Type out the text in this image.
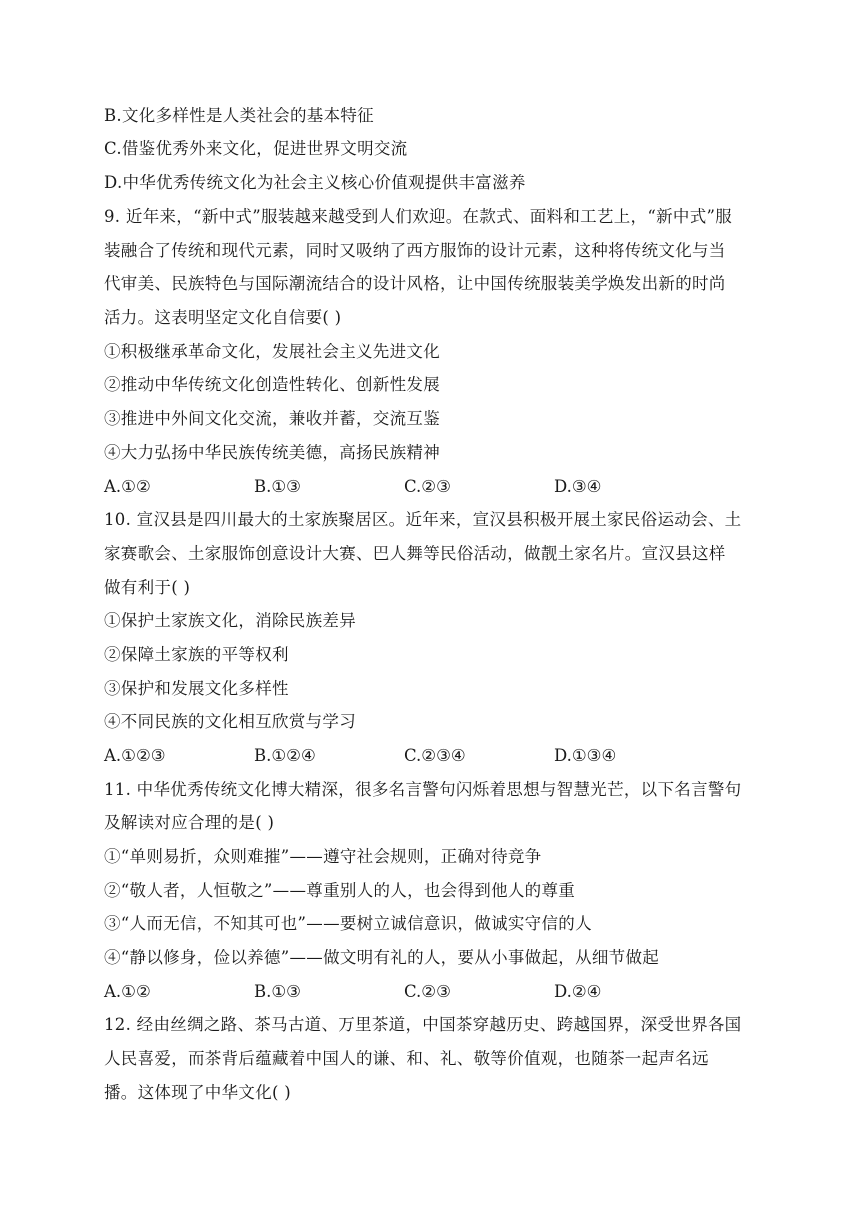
B.文化多样性是人类社会的基本特征
C.借鉴优秀外来文化，促进世界文明交流
D.中华优秀传统文化为社会主义核心价值观提供丰富滋养
9. 近年来，“新中式”服装越来越受到人们欢迎。在款式、面料和工艺上，“新中式”服
装融合了传统和现代元素，同时又吸纳了西方服饰的设计元素，这种将传统文化与当
代审美、民族特色与国际潮流结合的设计风格，让中国传统服装美学焕发出新的时尚
活力。这表明坚定文化自信要( )
①积极继承革命文化，发展社会主义先进文化
②推动中华传统文化创造性转化、创新性发展
③推进中外间文化交流，兼收并蓄，交流互鉴
④大力弘扬中华民族传统美德，高扬民族精神
A.①②	B.①③	C.②③	D.③④
10. 宣汉县是四川最大的土家族聚居区。近年来，宣汉县积极开展土家民俗运动会、土
家赛歌会、土家服饰创意设计大赛、巴人舞等民俗活动，做靓土家名片。宣汉县这样
做有利于( )
①保护土家族文化，消除民族差异
②保障土家族的平等权利
③保护和发展文化多样性
④不同民族的文化相互欣赏与学习
A.①②③	B.①②④	C.②③④	D.①③④
11. 中华优秀传统文化博大精深，很多名言警句闪烁着思想与智慧光芒，以下名言警句
及解读对应合理的是( )
①“单则易折，众则难摧”——遵守社会规则，正确对待竞争
②“敬人者，人恒敬之”——尊重别人的人，也会得到他人的尊重
③“人而无信，不知其可也”——要树立诚信意识，做诚实守信的人
④“静以修身，俭以养德”——做文明有礼的人，要从小事做起，从细节做起
A.①②	B.①③	C.②③	D.②④
12. 经由丝绸之路、茶马古道、万里茶道，中国茶穿越历史、跨越国界，深受世界各国
人民喜爱，而茶背后蕴藏着中国人的谦、和、礼、敬等价值观，也随茶一起声名远
播。这体现了中华文化( )
